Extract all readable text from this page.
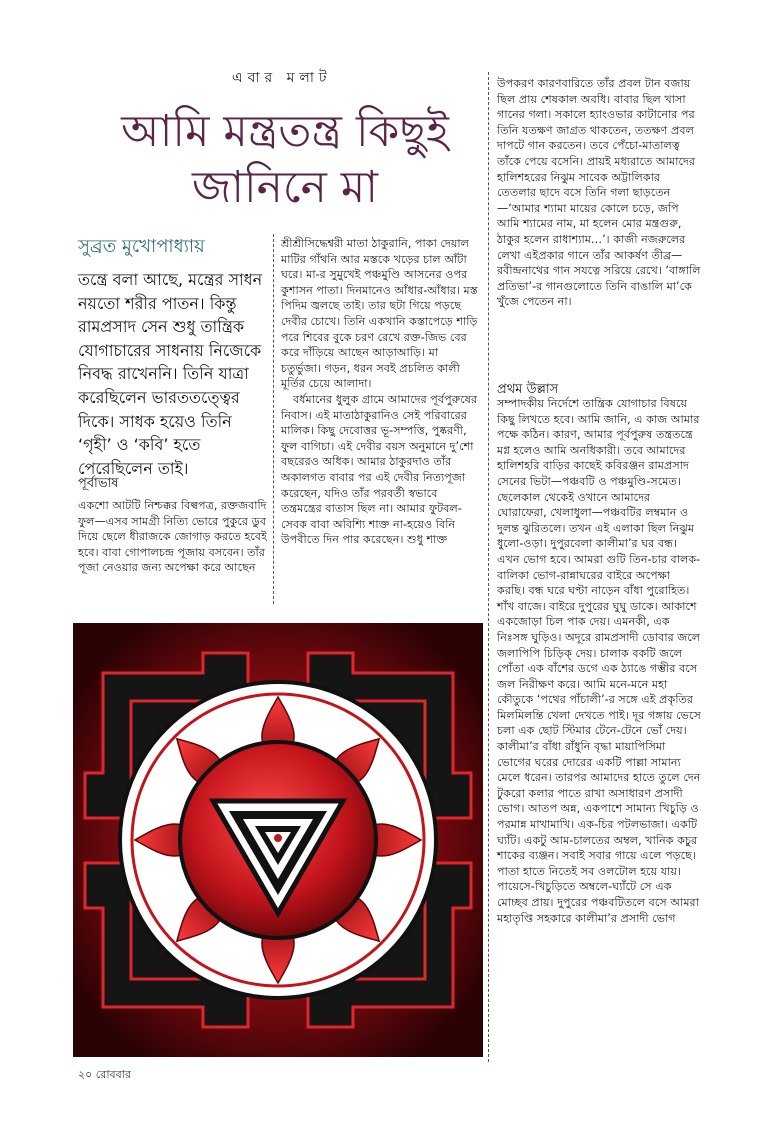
এবার মলাট
আমি মন্ত্রতন্ত্র কিছুই
জানিনে মা
সুব্রত মুখোপাধ্যায়
তন্ত্রে বলা আছে, মন্ত্রের সাধন নয়তো শরীর পাতন। কিন্তু রামপ্রসাদ সেন শুধু তান্ত্রিক যোগাচারের সাধনায় নিজেকে নিবদ্ধ রাখেননি। তিনি যাত্রা করেছিলেন ভারততত্ত্বের দিকে। সাধক হয়েও তিনি ‘গৃহী’ ও ‘কবি’ হতে পেরেছিলেন তাই।
পূর্বাভাষ
একশো আটটি নিশ্চক্কর বিল্বপত্র, রক্তজবাদি ফুল—এসব সামগ্রী নিত্যি ভোরে পুকুরে ডুব দিয়ে ছেলে ধীরাজকে জোগাড় করতে হবেই হবে। বাবা গোপালচন্দ্র পূজায় বসবেন। তাঁর পূজা নেওয়ার জন্য অপেক্ষা করে আছেন
শ্রীশ্রীসিদ্ধেশ্বরী মাতা ঠাকুরানি, পাকা দেয়াল মাটির গাঁথনি আর মস্তকে খড়ের চাল আঁটা ঘরে। মা-র সুমুখেই পঞ্চমুণ্ডি আসনের ওপর কুশাসন পাতা। দিনমানেও আঁধার-আঁধার। মস্ত পিদিম জ্বলছে তাই। তার ছটা গিয়ে পড়ছে দেবীর চোখে। তিনি একখানি কস্তাপেড়ে শাড়ি পরে শিবের বুকে চরণ রেখে রক্ত-জিভ বের করে দাঁড়িয়ে আছেন আড়াআড়ি। মা চতুর্ভুজা। গড়ন, ধরন সবই প্রচলিত কালী মূর্তির চেয়ে আলাদা।
বর্ধমানের ধুলুক গ্রামে আমাদের পূর্বপুরুষের নিবাস। এই মাতাঠাকুরানিও সেই পরিবারের মালিক। কিছু দেবোত্তর ভূ-সম্পত্তি, পুষ্করণী, ফুল বাগিচা। এই দেবীর বয়স অনুমানে দু’শো বছরেরও অধিক। আমার ঠাকুরদাও তাঁর অকালগত বাবার পর এই দেবীর নিত্যপূজা করেছেন, যদিও তাঁর পরবর্তী স্বভাবে তন্ত্রমন্ত্রের বাতাস ছিল না। আমার ফুটবল-সেবক বাবা অবিশ্যি শাক্ত না-হয়েও বিনি উপবীতে দিন পার করেছেন। শুধু শাক্ত
উপকরণ কারণবারিতে তাঁর প্রবল টান বজায় ছিল প্রায় শেষকাল অবধি। বাবার ছিল খাসা গানের গলা। সকালে হ্যাংওভার কাটানোর পর তিনি যতক্ষণ জাগ্রত থাকতেন, ততক্ষণ প্রবল দাপটে গান করতেন। তবে পেঁচো-মাতালত্ব তাঁকে পেয়ে বসেনি। প্রায়ই মধ্যরাতে আমাদের হালিশহরের নিঝুম সাবেক অট্টালিকার তেতলার ছাদে বসে তিনি গলা ছাড়তেন—‘আমার শ্যামা মায়ের কোলে চড়ে, জপি আমি শ্যামের নাম, মা হলেন মোর মন্ত্রগুরু, ঠাকুর হলেন রাধাশ্যাম…’। কাজী নজরুলের লেখা এইপ্রকার গানে তাঁর আকর্ষণ তীব্র—রবীন্দ্রনাথের গান সযত্নে সরিয়ে রেখে। ‘বাঙ্গালি প্রতিভা’-র গানগুলোতে তিনি বাঙালি মা’কে খুঁজে পেতেন না।
প্রথম উল্লাস
সম্পাদকীয় নির্দেশে তান্ত্রিক যোগাচার বিষয়ে কিছু লিখতে হবে। আমি জানি, এ কাজ আমার পক্ষে কঠিন। কারণ, আমার পূর্বপুরুষ তন্ত্রতন্ত্রে মগ্ন হলেও আমি অনধিকারী। তবে আমাদের হালিশহরি বাড়ির কাছেই কবিরঞ্জন রামপ্রসাদ সেনের ভিটা—পঞ্চবটি ও পঞ্চমুণ্ডি-সমেত। ছেলেকাল থেকেই ওখানে আমাদের ঘোরাফেরা, খেলাধুলা—পঞ্চবটির লম্বমান ও দুলন্ত ঝুরিতলে। তখন এই এলাকা ছিল নিঝুম ধুলো-ওড়া। দুপুরবেলা কালীমা’র ঘর বন্ধ। এখন ভোগ হবে। আমরা গুটি তিন-চার বালক-বালিকা ভোগ-রান্নাঘরের বাইরে অপেক্ষা করছি। বন্ধ ঘরে ঘণ্টা নাড়েন বাঁধা পুরোহিত। শাঁখ বাজে। বাইরে দুপুরের ঘুঘু ডাকে। আকাশে একজোড়া চিল পাক দেয়। এমনকী, এক নিঃসঙ্গ ঘুড়িও। অদূরে রামপ্রসাদী ডোবার জলে জলাপিপি চিড়িক্ দেয়। চালাক বকটি জলে পোঁতা এক বাঁশের ডগে এক ঠ্যাঙে গম্ভীর বসে জল নিরীক্ষণ করে। আমি মনে-মনে মহা কৌতুকে ‘পথের পাঁচালী’-র সঙ্গে এই প্রকৃতির মিলমিলন্তি খেলা দেখতে পাই। দূর গঙ্গায় ভেসে চলা এক ছোট স্টিমার টেনে-টেনে ভোঁ দেয়। কালীমা’র বাঁধা রাঁধুনি বৃদ্ধা মায়াপিসিমা ভোগের ঘরের দোরের একটি পাল্লা সামান্য মেলে ধরেন। তারপর আমাদের হাতে তুলে দেন টুকরো কলার পাতে রাখা অসাধারণ প্রসাদী ভোগ। আতপ অন্ন, একপাশে সামান্য খিচুড়ি ও পরমান্ন মাখামাখি। এক-চির পটলভাজা। একটি ঘ্যাঁট। একটু আম-চালতের অম্বল, খানিক কচুর শাকের ব্যঞ্জন। সবাই সবার গায়ে এলে পড়ছে। পাতা হাতে নিতেই সব ওলটোল হয়ে যায়। পায়েসে-খিচুড়িতে অম্বলে-ঘ্যাঁটে সে এক মোচ্ছব প্রায়। দুপুরের পঞ্চবটিতলে বসে আমরা মহাতৃপ্তি সহকারে কালীমা’র প্রসাদী ভোগ
২০ রোববার
